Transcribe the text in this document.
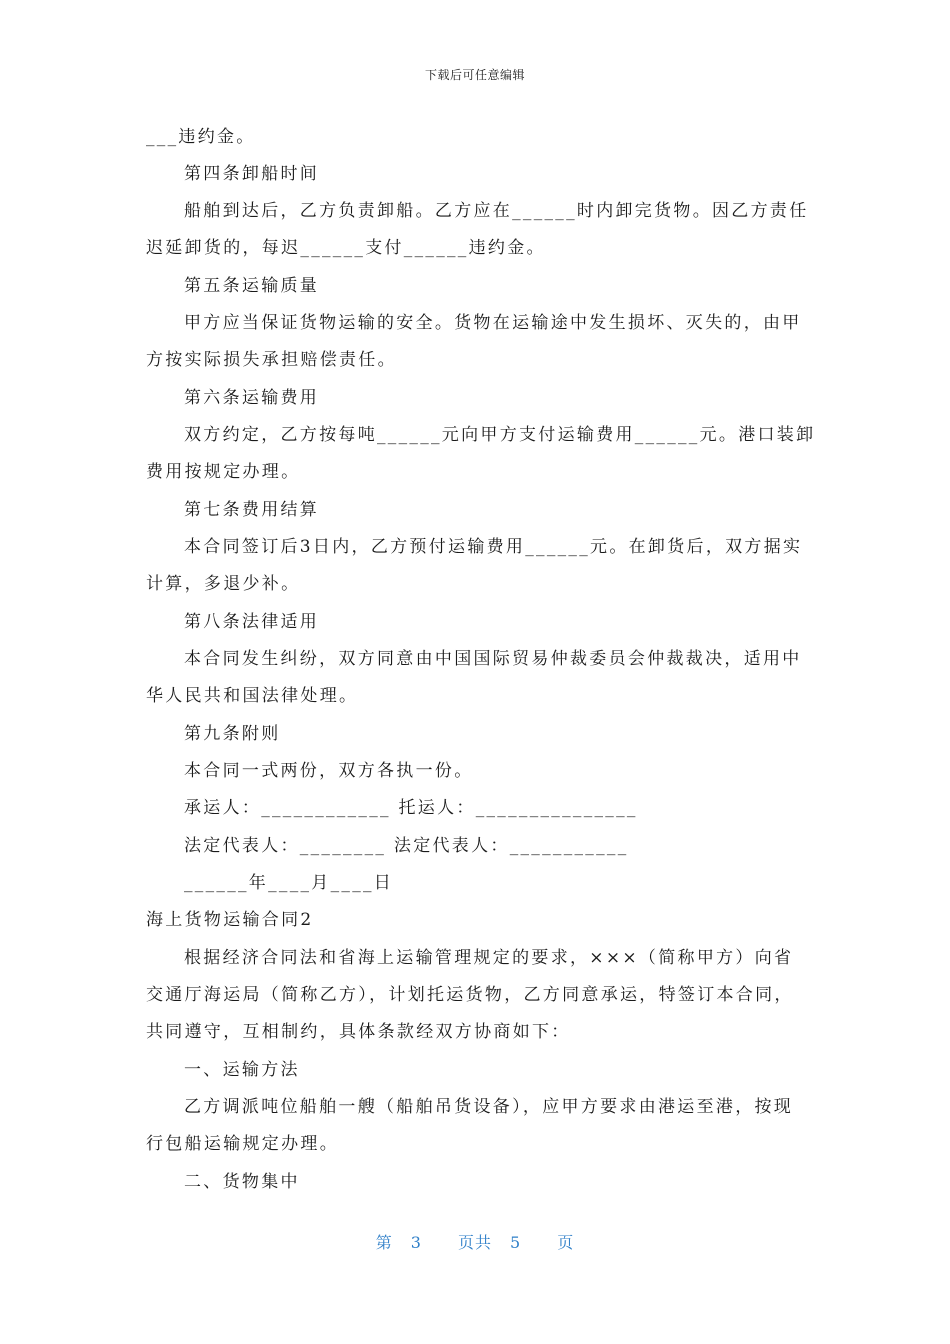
下载后可任意编辑
___违约金。
第四条卸船时间
船舶到达后，乙方负责卸船。乙方应在______时内卸完货物。因乙方责任
迟延卸货的，每迟______支付______违约金。
第五条运输质量
甲方应当保证货物运输的安全。货物在运输途中发生损坏、灭失的，由甲
方按实际损失承担赔偿责任。
第六条运输费用
双方约定，乙方按每吨______元向甲方支付运输费用______元。港口装卸
费用按规定办理。
第七条费用结算
本合同签订后3日内，乙方预付运输费用______元。在卸货后，双方据实
计算，多退少补。
第八条法律适用
本合同发生纠纷，双方同意由中国国际贸易仲裁委员会仲裁裁决，适用中
华人民共和国法律处理。
第九条附则
本合同一式两份，双方各执一份。
承运人：____________ 托运人：_______________
法定代表人：________ 法定代表人：___________
______年____月____日
海上货物运输合同2
根据经济合同法和省海上运输管理规定的要求，×××（简称甲方）向省
交通厅海运局（简称乙方），计划托运货物，乙方同意承运，特签订本合同，
共同遵守，互相制约，具体条款经双方协商如下：
一、运输方法
乙方调派吨位船舶一艘（船舶吊货设备），应甲方要求由港运至港，按现
行包船运输规定办理。
二、货物集中
第 3 页共 5 页
